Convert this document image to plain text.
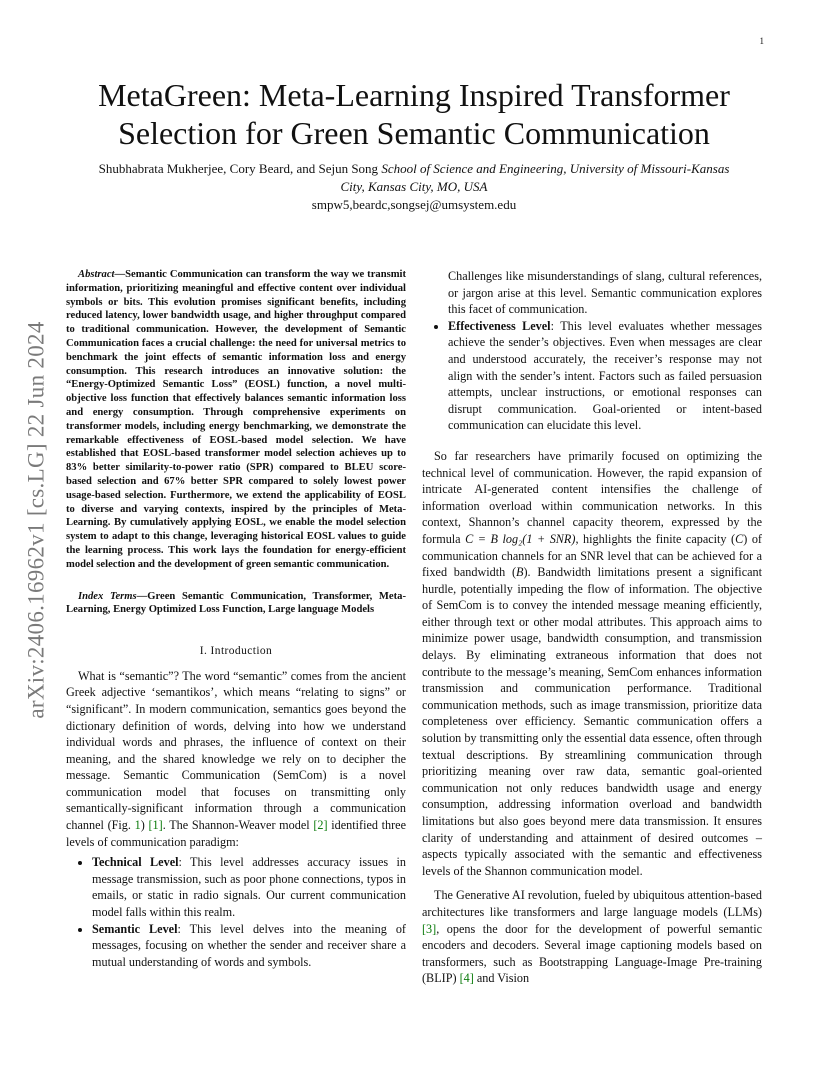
1
arXiv:2406.16962v1 [cs.LG] 22 Jun 2024
MetaGreen: Meta-Learning Inspired Transformer Selection for Green Semantic Communication
Shubhabrata Mukherjee, Cory Beard, and Sejun Song School of Science and Engineering, University of Missouri-Kansas City, Kansas City, MO, USA
smpw5,beardc,songsej@umsystem.edu

Abstract—Semantic Communication can transform the way we transmit information, prioritizing meaningful and effective content over individual symbols or bits. This evolution promises significant benefits, including reduced latency, lower bandwidth usage, and higher throughput compared to traditional communication. However, the development of Semantic Communication faces a crucial challenge: the need for universal metrics to benchmark the joint effects of semantic information loss and energy consumption. This research introduces an innovative solution: the “Energy-Optimized Semantic Loss” (EOSL) function, a novel multi-objective loss function that effectively balances semantic information loss and energy consumption. Through comprehensive experiments on transformer models, including energy benchmarking, we demonstrate the remarkable effectiveness of EOSL-based model selection. We have established that EOSL-based transformer model selection achieves up to 83% better similarity-to-power ratio (SPR) compared to BLEU score-based selection and 67% better SPR compared to solely lowest power usage-based selection. Furthermore, we extend the applicability of EOSL to diverse and varying contexts, inspired by the principles of Meta-Learning. By cumulatively applying EOSL, we enable the model selection system to adapt to this change, leveraging historical EOSL values to guide the learning process. This work lays the foundation for energy-efficient model selection and the development of green semantic communication.

Index Terms—Green Semantic Communication, Transformer, Meta-Learning, Energy Optimized Loss Function, Large language Models

I. Introduction

What is “semantic”? The word “semantic” comes from the ancient Greek adjective ‘semantikos’, which means “relating to signs” or “significant”. In modern communication, semantics goes beyond the dictionary definition of words, delving into how we understand individual words and phrases, the influence of context on their meaning, and the shared knowledge we rely on to decipher the message. Semantic Communication (SemCom) is a novel communication model that focuses on transmitting only semantically-significant information through a communication channel (Fig. 1) [1]. The Shannon-Weaver model [2] identified three levels of communication paradigm:

• Technical Level: This level addresses accuracy issues in message transmission, such as poor phone connections, typos in emails, or static in radio signals. Our current communication model falls within this realm.
• Semantic Level: This level delves into the meaning of messages, focusing on whether the sender and receiver share a mutual understanding of words and symbols.
Challenges like misunderstandings of slang, cultural references, or jargon arise at this level. Semantic communication explores this facet of communication.
• Effectiveness Level: This level evaluates whether messages achieve the sender’s objectives. Even when messages are clear and understood accurately, the receiver’s response may not align with the sender’s intent. Factors such as failed persuasion attempts, unclear instructions, or emotional responses can disrupt communication. Goal-oriented or intent-based communication can elucidate this level.

So far researchers have primarily focused on optimizing the technical level of communication. However, the rapid expansion of intricate AI-generated content intensifies the challenge of information overload within communication networks. In this context, Shannon’s channel capacity theorem, expressed by the formula C = B log₂(1 + SNR), highlights the finite capacity (C) of communication channels for an SNR level that can be achieved for a fixed bandwidth (B). Bandwidth limitations present a significant hurdle, potentially impeding the flow of information. The objective of SemCom is to convey the intended message meaning efficiently, either through text or other modal attributes. This approach aims to minimize power usage, bandwidth consumption, and transmission delays. By eliminating extraneous information that does not contribute to the message’s meaning, SemCom enhances information transmission and communication performance. Traditional communication methods, such as image transmission, prioritize data completeness over efficiency. Semantic communication offers a solution by transmitting only the essential data essence, often through textual descriptions. By streamlining communication through prioritizing meaning over raw data, semantic goal-oriented communication not only reduces bandwidth usage and energy consumption, addressing information overload and bandwidth limitations but also goes beyond mere data transmission. It ensures clarity of understanding and attainment of desired outcomes – aspects typically associated with the semantic and effectiveness levels of the Shannon communication model.

The Generative AI revolution, fueled by ubiquitous attention-based architectures like transformers and large language models (LLMs) [3], opens the door for the development of powerful semantic encoders and decoders. Several image captioning models based on transformers, such as Bootstrapping Language-Image Pre-training (BLIP) [4] and Vision
